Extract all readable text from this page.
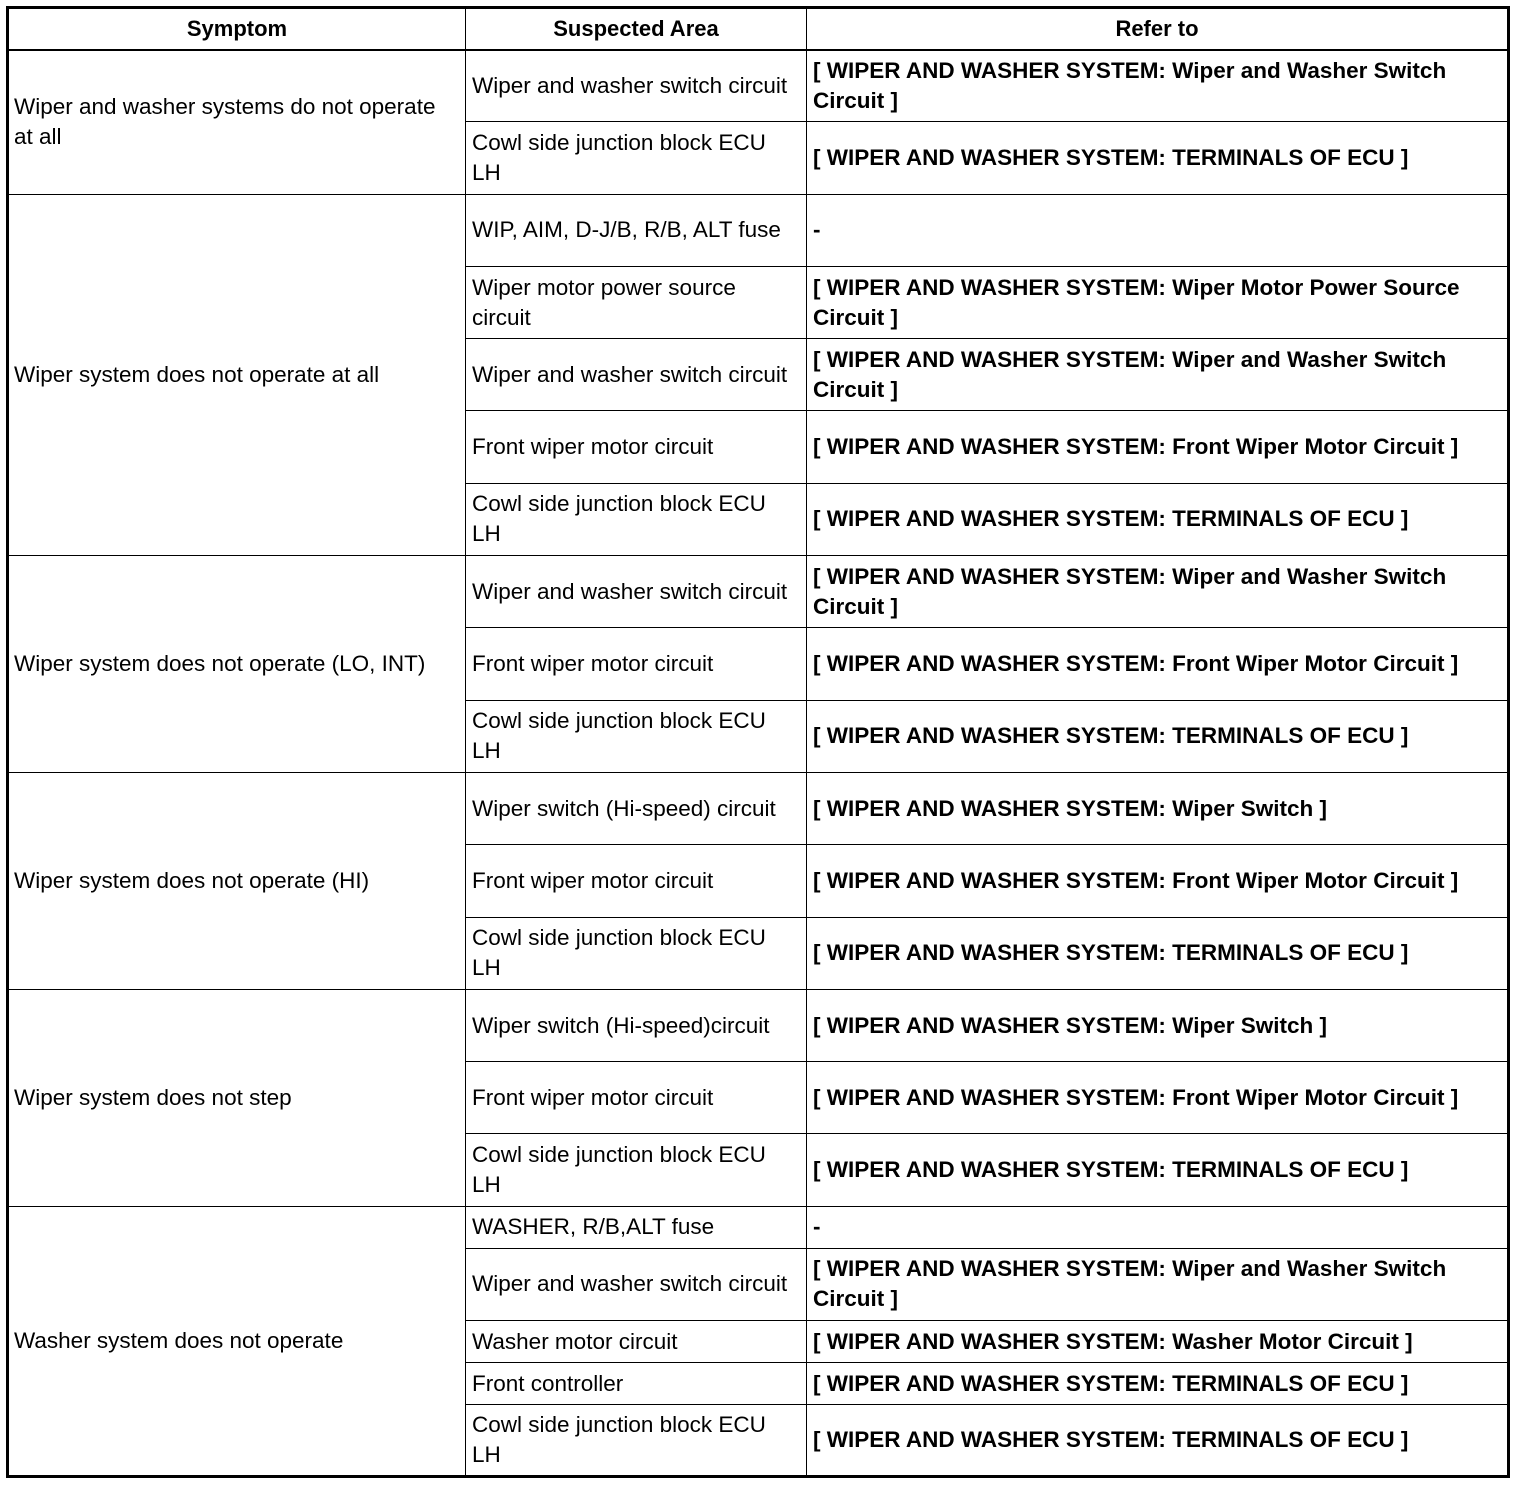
Symptom	Suspected Area	Refer to
Wiper and washer systems do not operate at all	Wiper and washer switch circuit	[ WIPER AND WASHER SYSTEM: Wiper and Washer Switch Circuit ]
	Cowl side junction block ECU LH	[ WIPER AND WASHER SYSTEM: TERMINALS OF ECU ]
Wiper system does not operate at all	WIP, AIM, D-J/B, R/B, ALT fuse	-
	Wiper motor power source circuit	[ WIPER AND WASHER SYSTEM: Wiper Motor Power Source Circuit ]
	Wiper and washer switch circuit	[ WIPER AND WASHER SYSTEM: Wiper and Washer Switch Circuit ]
	Front wiper motor circuit	[ WIPER AND WASHER SYSTEM: Front Wiper Motor Circuit ]
	Cowl side junction block ECU LH	[ WIPER AND WASHER SYSTEM: TERMINALS OF ECU ]
Wiper system does not operate (LO, INT)	Wiper and washer switch circuit	[ WIPER AND WASHER SYSTEM: Wiper and Washer Switch Circuit ]
	Front wiper motor circuit	[ WIPER AND WASHER SYSTEM: Front Wiper Motor Circuit ]
	Cowl side junction block ECU LH	[ WIPER AND WASHER SYSTEM: TERMINALS OF ECU ]
Wiper system does not operate (HI)	Wiper switch (Hi-speed) circuit	[ WIPER AND WASHER SYSTEM: Wiper Switch ]
	Front wiper motor circuit	[ WIPER AND WASHER SYSTEM: Front Wiper Motor Circuit ]
	Cowl side junction block ECU LH	[ WIPER AND WASHER SYSTEM: TERMINALS OF ECU ]
Wiper system does not step	Wiper switch (Hi-speed)circuit	[ WIPER AND WASHER SYSTEM: Wiper Switch ]
	Front wiper motor circuit	[ WIPER AND WASHER SYSTEM: Front Wiper Motor Circuit ]
	Cowl side junction block ECU LH	[ WIPER AND WASHER SYSTEM: TERMINALS OF ECU ]
Washer system does not operate	WASHER, R/B,ALT fuse	-
	Wiper and washer switch circuit	[ WIPER AND WASHER SYSTEM: Wiper and Washer Switch Circuit ]
	Washer motor circuit	[ WIPER AND WASHER SYSTEM: Washer Motor Circuit ]
	Front controller	[ WIPER AND WASHER SYSTEM: TERMINALS OF ECU ]
	Cowl side junction block ECU LH	[ WIPER AND WASHER SYSTEM: TERMINALS OF ECU ]
